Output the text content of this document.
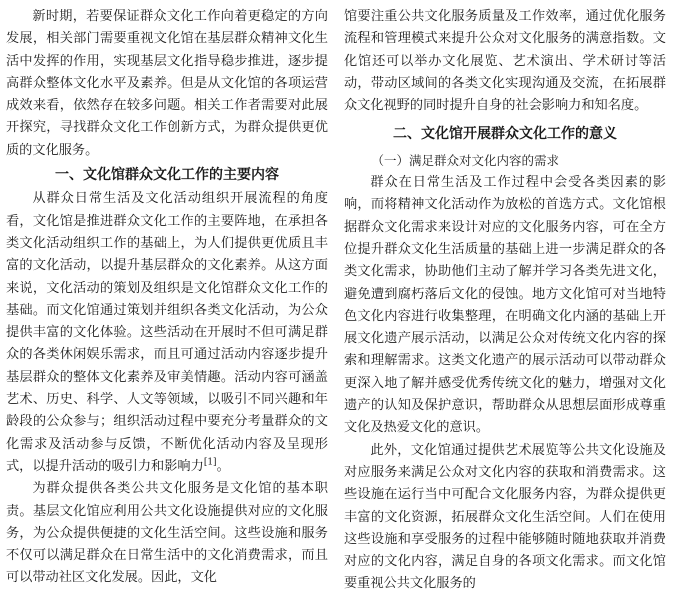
新时期，若要保证群众文化工作向着更稳定的方向发展，相关部门需要重视文化馆在基层群众精神文化生活中发挥的作用，实现基层文化指导稳步推进，逐步提高群众整体文化水平及素养。但是从文化馆的各项运营成效来看，依然存在较多问题。相关工作者需要对此展开探究，寻找群众文化工作创新方式，为群众提供更优质的文化服务。

一、文化馆群众文化工作的主要内容

从群众日常生活及文化活动组织开展流程的角度看，文化馆是推进群众文化工作的主要阵地，在承担各类文化活动组织工作的基础上，为人们提供更优质且丰富的文化活动，以提升基层群众的文化素养。从这方面来说，文化活动的策划及组织是文化馆群众文化工作的基础。而文化馆通过策划并组织各类文化活动，为公众提供丰富的文化体验。这些活动在开展时不但可满足群众的各类休闲娱乐需求，而且可通过活动内容逐步提升基层群众的整体文化素养及审美情趣。活动内容可涵盖艺术、历史、科学、人文等领域，以吸引不同兴趣和年龄段的公众参与；组织活动过程中要充分考量群众的文化需求及活动参与反馈，不断优化活动内容及呈现形式，以提升活动的吸引力和影响力[1]。

为群众提供各类公共文化服务是文化馆的基本职责。基层文化馆应利用公共文化设施提供对应的文化服务，为公众提供便捷的文化生活空间。这些设施和服务不仅可以满足群众在日常生活中的文化消费需求，而且可以带动社区文化发展。因此，文化

馆要注重公共文化服务质量及工作效率，通过优化服务流程和管理模式来提升公众对文化服务的满意指数。文化馆还可以举办文化展览、艺术演出、学术研讨等活动，带动区域间的各类文化实现沟通及交流，在拓展群众文化视野的同时提升自身的社会影响力和知名度。

二、文化馆开展群众文化工作的意义
（一）满足群众对文化内容的需求

群众在日常生活及工作过程中会受各类因素的影响，而将精神文化活动作为放松的首选方式。文化馆根据群众文化需求来设计对应的文化服务内容，可在全方位提升群众文化生活质量的基础上进一步满足群众的各类文化需求，协助他们主动了解并学习各类先进文化，避免遭到腐朽落后文化的侵蚀。地方文化馆可对当地特色文化内容进行收集整理，在明确文化内涵的基础上开展文化遗产展示活动，以满足公众对传统文化内容的探索和理解需求。这类文化遗产的展示活动可以带动群众更深入地了解并感受优秀传统文化的魅力，增强对文化遗产的认知及保护意识，帮助群众从思想层面形成尊重文化及热爱文化的意识。

此外，文化馆通过提供艺术展览等公共文化设施及对应服务来满足公众对文化内容的获取和消费需求。这些设施在运行当中可配合文化服务内容，为群众提供更丰富的文化资源，拓展群众文化生活空间。人们在使用这些设施和享受服务的过程中能够随时随地获取并消费对应的文化内容，满足自身的各项文化需求。而文化馆要重视公共文化服务的
